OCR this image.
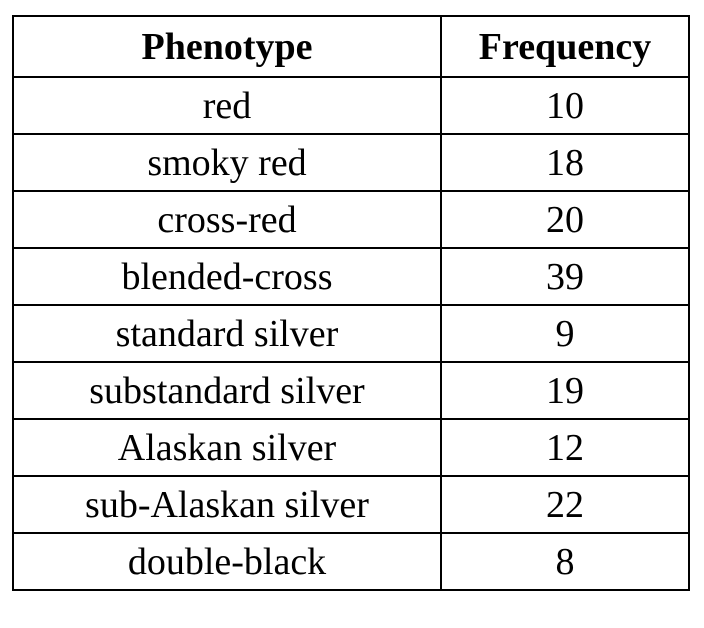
Phenotype	Frequency
red	10
smoky red	18
cross-red	20
blended-cross	39
standard silver	9
substandard silver	19
Alaskan silver	12
sub-Alaskan silver	22
double-black	8
